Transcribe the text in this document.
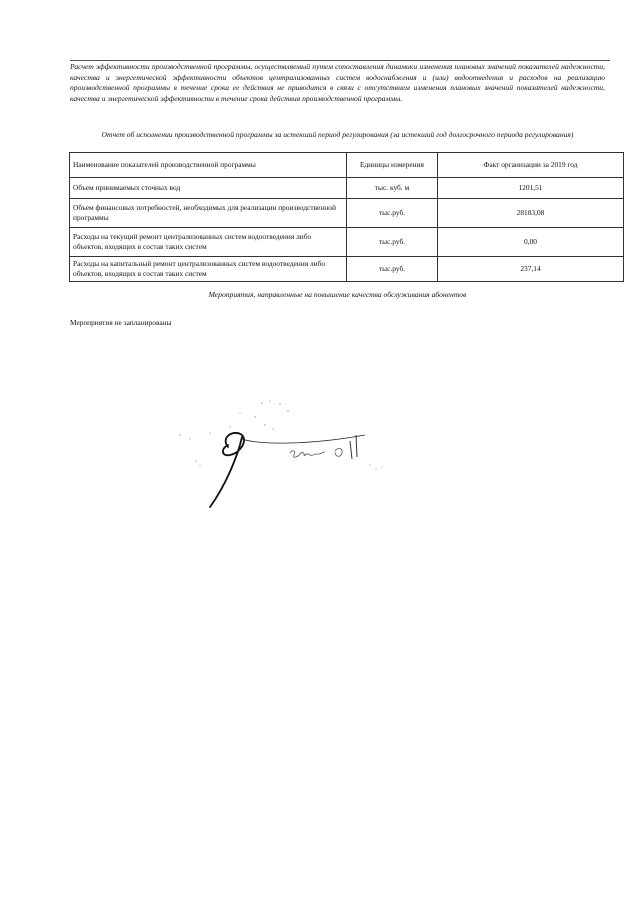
Расчет эффективности производственной программы, осуществляемый путем сопоставления динамики изменения плановых значений показателей надежности, качества и энергетической эффективности объектов централизованных систем водоснабжения и (или) водоотведения и расходов на реализацию производственной программы в течение срока ее действия не приводится в связи с отсутствием изменения плановых значений показателей надежности, качества и энергетической эффективности в течение срока действия производственной программы.
Отчет об исполнении производственной программы за истекший период регулирования (за истекший год долгосрочного периода регулирования)
Наименование показателей производственной программы	Единицы измерения	Факт организации за 2019 год
Объем принимаемых сточных вод	тыс. куб. м	1201,51
Объем финансовых потребностей, необходимых для реализации производственной программы	тыс.руб.	28183,08
Расходы на текущий ремонт централизованных систем водоотведения либо объектов, входящих в состав таких систем	тыс.руб.	0,00
Расходы на капитальный ремонт централизованных систем водоотведения либо объектов, входящих в состав таких систем	тыс.руб.	237,14
Мероприятия, направленные на повышение качества обслуживания абонентов
Мероприятия не запланированы
